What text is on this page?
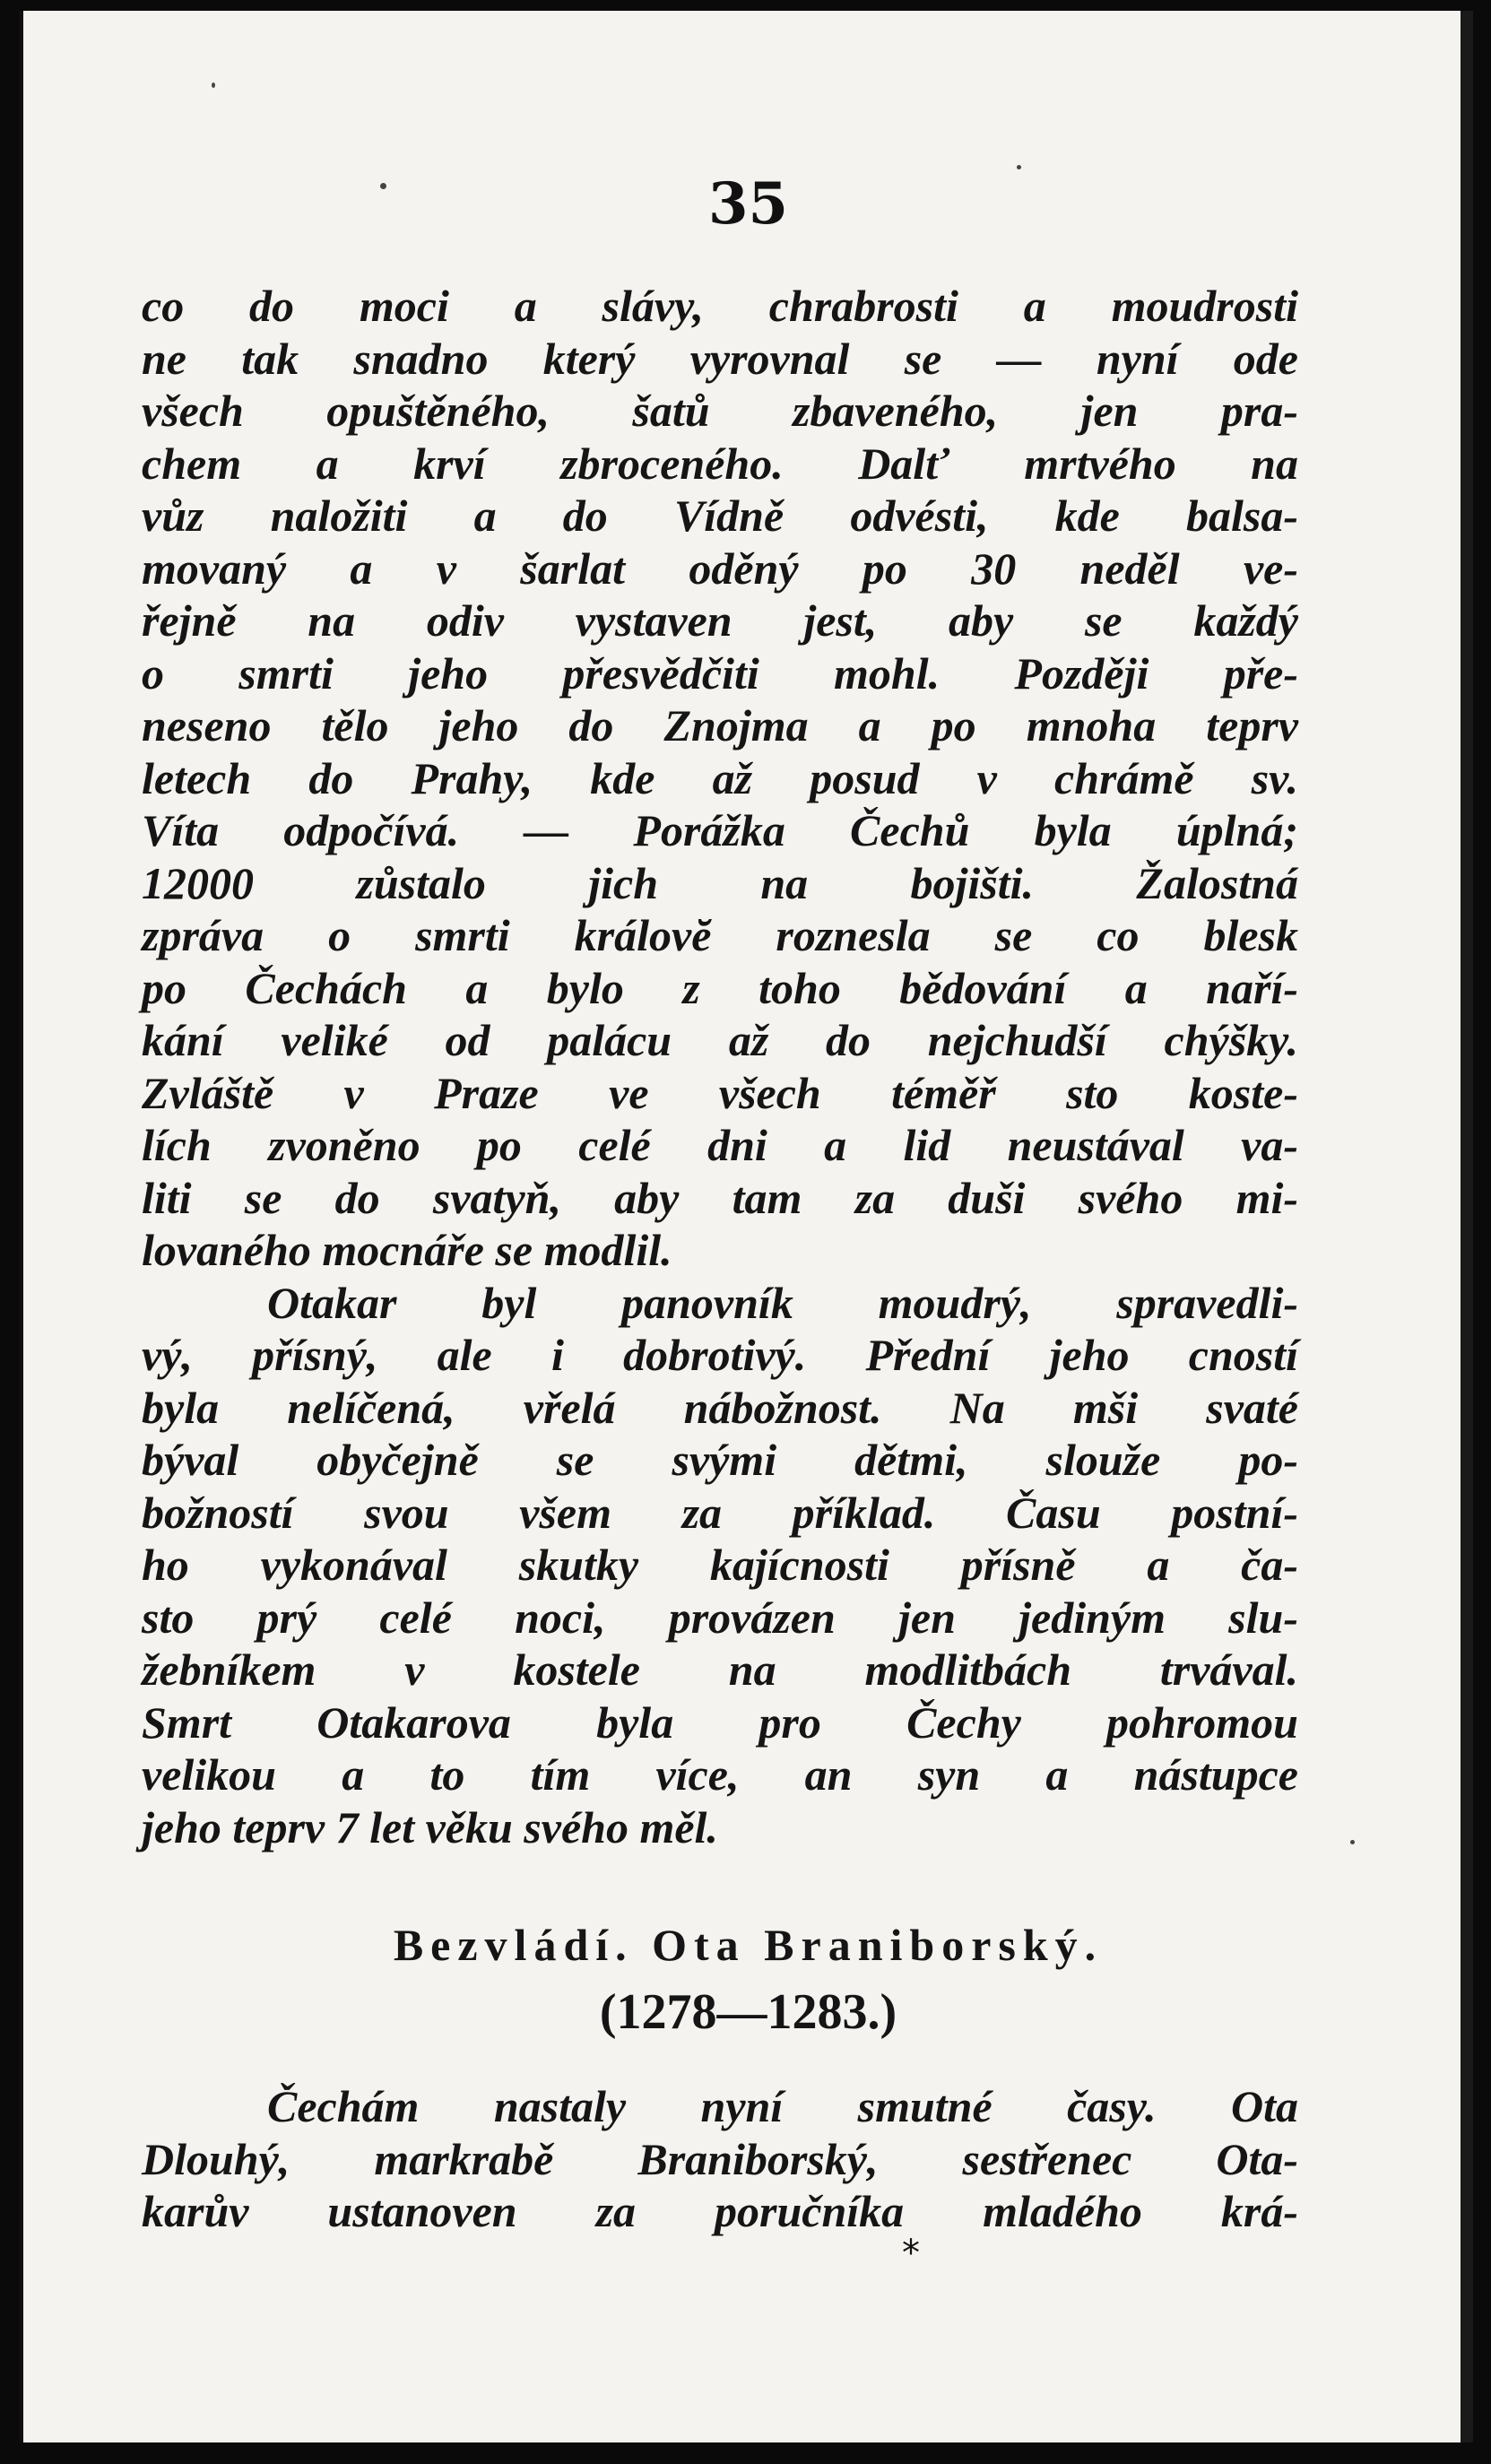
35
co do moci a slávy, chrabrosti a moudrosti
ne tak snadno který vyrovnal se — nyní ode
všech opuštěného, šatů zbaveného, jen pra-
chem a krví zbroceného. Dalť mrtvého na
vůz naložiti a do Vídně odvésti, kde balsa-
movaný a v šarlat oděný po 30 neděl ve-
řejně na odiv vystaven jest, aby se každý
o smrti jeho přesvědčiti mohl. Později pře-
neseno tělo jeho do Znojma a po mnoha teprv
letech do Prahy, kde až posud v chrámě sv.
Víta odpočívá. — Porážka Čechů byla úplná;
12000 zůstalo jich na bojišti. Žalostná
zpráva o smrti královĕ roznesla se co blesk
po Čechách a bylo z toho bědování a naří-
kání veliké od palácu až do nejchudší chýšky.
Zvláště v Praze ve všech téměř sto koste-
lích zvoněno po celé dni a lid neustával va-
liti se do svatyň, aby tam za duši svého mi-
lovaného mocnáře se modlil.
Otakar byl panovník moudrý, spravedli-
vý, přísný, ale i dobrotivý. Přední jeho cností
byla nelíčená, vřelá nábožnost. Na mši svaté
býval obyčejně se svými dětmi, slouže po-
božností svou všem za příklad. Času postní-
ho vykonával skutky kajícnosti přísně a ča-
sto prý celé noci, provázen jen jediným slu-
žebníkem v kostele na modlitbách trvával.
Smrt Otakarova byla pro Čechy pohromou
velikou a to tím více, an syn a nástupce
jeho teprv 7 let věku svého měl.
Bezvládí. Ota Braniborský.
(1278—1283.)
Čechám nastaly nyní smutné časy. Ota
Dlouhý, markrabě Braniborský, sestřenec Ota-
karův ustanoven za poručníka mladého krá-
*
